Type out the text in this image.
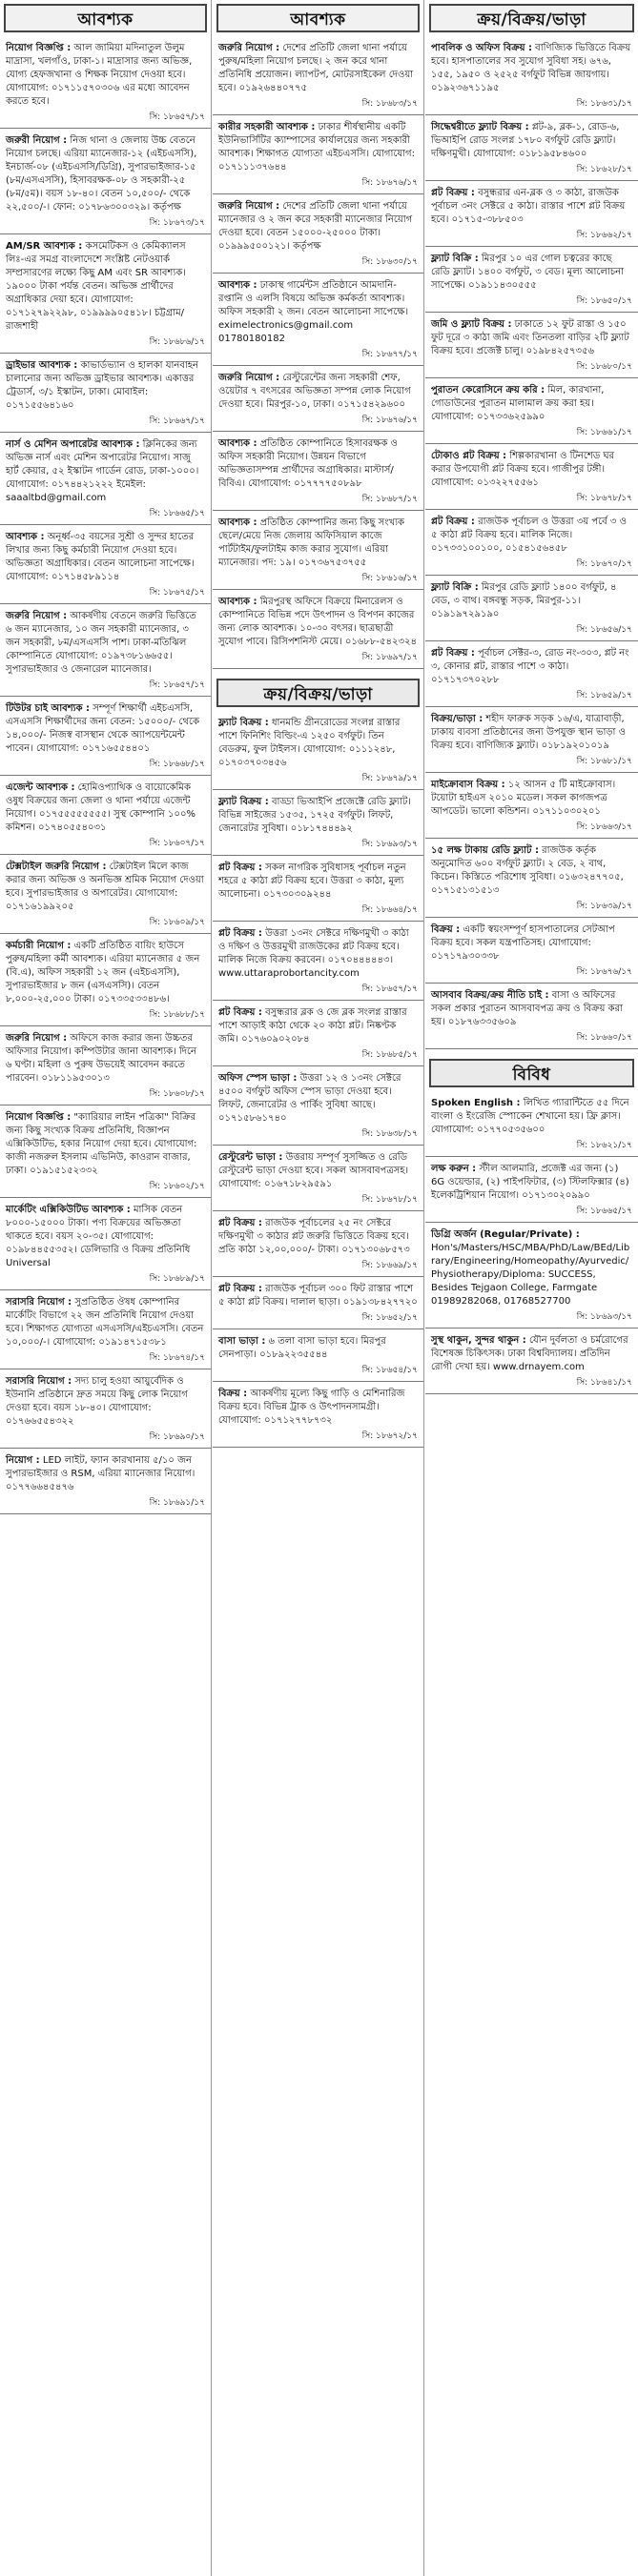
আবশ্যক
নিয়োগ বিজ্ঞপ্তি : আল জামিয়া মদিনাতুল উলুম মাদ্রাসা, খলগাঁও, ঢাকা-১। মাদ্রাসার জন্য অভিজ্ঞ, যোগ্য হেফজখানা ও শিক্ষক নিয়োগ দেওয়া হবে। যোগাযোগ: ০১৭১১৫৭০৩০৬ এর মধ্যে আবেদন করতে হবে।
সি: ১৮৬৫৭/১৭
জরুরী নিয়োগ : নিজ থানা ও জেলায় উচ্চ বেতনে নিয়োগ চলছে। এরিয়া ম্যানেজার-১২ (এইচএসসি), ইনচার্জ-০৮ (এইচএসসি/ডিগ্রি), সুপারভাইজার-১৫ (৮ম/এসএসসি), হিসাবরক্ষক-০৮ ও সহকারী-২৫ (৮ম/৫ম)। বয়স ১৮-৪০। বেতন ১০,৫০০/- থেকে ২২,৫০০/-। ফোন: ০১৭৮৬৩০০৩২৯। কর্তৃপক্ষ
সি: ১৮৬৭৩/১৭
AM/SR আবশ্যক : কসমেটিকস ও কেমিক্যালস লিঃ-এর সমগ্র বাংলাদেশে সংশ্লিষ্ট নেটওয়ার্ক সম্প্রসারণের লক্ষ্যে কিছু AM এবং SR আবশ্যক। ১৯০০০ টাকা পর্যন্ত বেতন। অভিজ্ঞ প্রার্থীদের অগ্রাধিকার দেয়া হবে। যোগাযোগ: ০১৭১২৭৯২২৯৮, ০১৯৯৯৯০৫৪১৮। চট্টগ্রাম/রাজশাহী
সি: ১৮৬৮৬/১৭
ড্রাইভার আবশ্যক : কাভার্ডভ্যান ও হালকা যানবাহন চালানোর জন্য অভিজ্ঞ ড্রাইভার আবশ্যক। একাত্তর ট্রেডার্স, ৩/১ ইস্কাটন, ঢাকা। মোবাইল: ০১৭১৫৫৬৪১৬০
সি: ১৮৬৬৭/১৭
নার্স ও মেশিন অপারেটর আবশ্যক : ক্লিনিকের জন্য অভিজ্ঞ নার্স এবং মেশিন অপারেটর নিয়োগ। সাজু হার্ট কেয়ার, ৫২ ইস্কাটন গার্ডেন রোড, ঢাকা-১০০০। যোগাযোগ: ০১৭৪৪২১২২২ ইমেইল: saaaltbd@gmail.com
সি: ১৮৬৬৫/১৭
আবশ্যক : অনূর্ধ্ব-৩৫ বয়সের সুশ্রী ও সুন্দর হাতের লিখার জন্য কিছু কর্মচারী নিয়োগ দেওয়া হবে। অভিজ্ঞতা অগ্রাধিকার। বেতন আলোচনা সাপেক্ষে। যোগাযোগ: ০১৭১৪৫৮৯১১৪
সি: ১৮৬৭৫/১৭
জরুরি নিয়োগ : আকর্ষণীয় বেতনে জরুরি ভিত্তিতে ৬ জন ম্যানেজার, ১০ জন সহকারী ম্যানেজার, ৩ জন সহকারী, ৮ম/এসএসসি পাশ। ঢাকা-মতিঝিল কোম্পানিতে যোগাযোগ: ০১৯৭৩৮১৬৬৫৫। সুপারভাইজার ও জেনারেল ম্যানেজার।
সি: ১৮৬৫৭/১৭
টিউটর চাই আবশ্যক : সম্পূর্ণ শিক্ষার্থী এইচএসসি, এসএসসি শিক্ষার্থীদের জন্য বেতন: ১৫০০০/- থেকে ১৪,০০০/- নিজস্ব বাসস্থান থেকে অ্যাপয়েন্টমেন্ট পাবেন। যোগাযোগ: ০১৭১৬৫৫৪৪০১
সি: ১৮৬৬৮/১৭
এজেন্ট আবশ্যক : হোমিওপ্যাথিক ও বায়োকেমিক ওষুধ বিক্রয়ের জন্য জেলা ও থানা পর্যায়ে এজেন্ট নিয়োগ। ০১৭৫৫৫৫৫৫৫৫। সুস্থ কোম্পানি ১০০% কমিশন। ০১৭৪০৫৫৪০৩১
সি: ১৮৬০৭/১৭
টেক্সটাইল জরুরি নিয়োগ : টেক্সটাইল মিলে কাজ করার জন্য অভিজ্ঞ ও অনভিজ্ঞ শ্রমিক নিয়োগ দেওয়া হবে। সুপারভাইজার ও অপারেটর। যোগাযোগ: ০১৭১৬১৯৯২০৫
সি: ১৮৬০৯/১৭
কর্মচারী নিয়োগ : একটি প্রতিষ্ঠিত বায়িং হাউসে পুরুষ/মহিলা কর্মী আবশ্যক। এরিয়া ম্যানেজার ৫ জন (বি.এ), অফিস সহকারী ১২ জন (এইচএসসি), সুপারভাইজার ৮ জন (এসএসসি)। বেতন ৮,০০০-২৫,০০০ টাকা। ০১৭৩৩৫৩৩৪৮৬।
সি: ১৮৬৮৮/১৭
জরুরি নিয়োগ : অফিসে কাজ করার জন্য উচ্চতর অফিসার নিয়োগ। কম্পিউটার জানা আবশ্যক। দিনে ৬ ঘণ্টা। মহিলা ও পুরুষ উভয়েই আবেদন করতে পারবেন। ০১৮১১৯৫৩০১৩
সি: ১৮৬০৮/১৭
নিয়োগ বিজ্ঞপ্তি : "ক্যারিয়ার লাইন পত্রিকা" বিক্রির জন্য কিছু সংখ্যক বিক্রয় প্রতিনিধি, বিজ্ঞাপন এক্সিকিউটিভ, হকার নিয়োগ দেয়া হবে। যোগাযোগ: কাজী নজরুল ইসলাম এভিনিউ, কাওরান বাজার, ঢাকা। ০১৯১৫১৫২৩৩২
সি: ১৮৬০২/১৭
মার্কেটিং এক্সিকিউটিভ আবশ্যক : মাসিক বেতন ৮০০০-১৫০০০ টাকা। পণ্য বিক্রয়ের অভিজ্ঞতা থাকতে হবে। বয়স ২০-৩৫। যোগাযোগ: ০১৯৮৪৪৫৫৩৫২। ডেলিভারি ও বিক্রয় প্রতিনিধি Universal
সি: ১৮৬৮৯/১৭
সরাসরি নিয়োগ : সুপ্রতিষ্ঠিত ঔষধ কোম্পানির মার্কেটিং বিভাগে ২২ জন প্রতিনিধি নিয়োগ দেওয়া হবে। শিক্ষাগত যোগ্যতা এসএসসি/এইচএসসি। বেতন ১০,০০০/-। যোগাযোগ: ০১৯১৪৭১৫৩৮১
সি: ১৮৬৭৪/১৭
সরাসরি নিয়োগ : সদ্য চালু হওয়া আয়ুর্বেদিক ও ইউনানি প্রতিষ্ঠানে দ্রুত সময়ে কিছু লোক নিয়োগ দেওয়া হবে। বয়স ১৮-৪০। যোগাযোগ: ০১৭৬৬৫৫৪৩২২
সি: ১৮৬৯০/১৭
নিয়োগ : LED লাইট, ফ্যান কারখানায় ৫/১০ জন সুপারভাইজার ও RSM, এরিয়া ম্যানেজার নিয়োগ। ০১৭৭৬৬৪৫৪৭৬
সি: ১৮৬৯১/১৭
আবশ্যক
জরুরি নিয়োগ : দেশের প্রতিটি জেলা থানা পর্যায়ে পুরুষ/মহিলা নিয়োগ চলছে। ২ জন করে থানা প্রতিনিধি প্রয়োজন। ল্যাপটপ, মোটরসাইকেল দেওয়া হবে। ০১৯২৬৪৪০৭৭৫
সি: ১৮৬৮৩/১৭
কারীর সহকারী আবশ্যক : ঢাকার শীর্ষস্থানীয় একটি ইউনিভার্সিটির ক্যাম্পাসের কার্যালয়ের জন্য সহকারী আবশ্যক। শিক্ষাগত যোগ্যতা এইচএসসি। যোগাযোগ: ০১৭১১১৩৭৬৪৪
সি: ১৮৬৭৬/১৭
জরুরি নিয়োগ : দেশের প্রতিটি জেলা থানা পর্যায়ে ম্যানেজার ও ২ জন করে সহকারী ম্যানেজার নিয়োগ দেওয়া হবে। বেতন ১৫০০০-২৫০০০ টাকা। ০১৯৯৯৫০০১২১। কর্তৃপক্ষ
সি: ১৮৬৩০/১৭
আবশ্যক : ঢাকাস্থ গার্মেন্টস প্রতিষ্ঠানে আমদানি-রপ্তানি ও এলসি বিষয়ে অভিজ্ঞ কর্মকর্তা আবশ্যক। অফিস সহকারী ২ জন। বেতন আলোচনা সাপেক্ষে। eximelectronics@gmail.com 01780180182
সি: ১৮৬৭৭/১৭
জরুরি নিয়োগ : রেস্টুরেন্টের জন্য সহকারী শেফ, ওয়েটার ৭ বৎসরের অভিজ্ঞতা সম্পন্ন লোক নিয়োগ দেওয়া হবে। মিরপুর-১০, ঢাকা। ০১৭১৫৪২৯৬০০
সি: ১৮৬৭৬/১৭
আবশ্যক : প্রতিষ্ঠিত কোম্পানিতে হিসাবরক্ষক ও অফিস সহকারী নিয়োগ। উন্নয়ন বিভাগে অভিজ্ঞতাসম্পন্ন প্রার্থীদের অগ্রাধিকার। মাস্টার্স/বিবিএ। যোগাযোগ: ০১৭৭৭৭৫০৮৯৮
সি: ১৮৬৮৭/১৭
আবশ্যক : প্রতিষ্ঠিত কোম্পানির জন্য কিছু সংখ্যক ছেলে/মেয়ে নিজ জেলায় অফিসিয়াল কাজে পার্টটাইম/ফুলটাইম কাজ করার সুযোগ। এরিয়া ম্যানেজার। পদ: ১৯। ০১৭৩৬৭৫৩৭৫৫
সি: ১৮৬১৬/১৭
আবশ্যক : মিরপুরস্থ অফিসে বিক্রয়ে মিনারেলস ও কোম্পানিতে বিভিন্ন পদে উৎপাদন ও বিপণন কাজের জন্য লোক আবশ্যক। ১০-৩০ বৎসর। ছাত্রছাত্রী সুযোগ পাবে। রিসিপশনিস্ট মেয়ে। ০১৬৮৮-৫৪২৩২৪
সি: ১৮৬৯৭/১৭
ক্রয়/বিক্রয়/ভাড়া
ফ্ল্যাট বিক্রয় : ধানমন্ডি গ্রীনরোডের সংলগ্ন রাস্তার পাশে ফিনিশিং বিল্ডিং-এ ১২৫০ বর্গফুট। তিন বেডরুম, ফুল টাইলস। যোগাযোগ: ০১১১২৪৮, ০১৭০৩৭০৩৪৫৬
সি: ১৮৬৭৯/১৭
ফ্ল্যাট বিক্রয় : বাড্ডা ভিআইপি প্রজেক্টে রেডি ফ্ল্যাট। বিভিন্ন সাইজের ১৫৩৫, ১৭২৫ বর্গফুট। লিফট, জেনারেটর সুবিধা। ০১৮১৭৪৪৪৯২
সি: ১৮৬৯৩/১৭
প্লট বিক্রয় : সকল নাগরিক সুবিধাসহ পূর্বাচল নতুন শহরে ৫ কাঠা প্লট বিক্রয় হবে। উত্তরা ৩ কাঠা, মূল্য আলোচনা। ০১৭৩০৩০৯২৪৪
সি: ১৮৬৬৪/১৭
প্লট বিক্রয় : উত্তরা ১৩নং সেক্টরে দক্ষিণমুখী ৩ কাঠা ও দক্ষিণ ও উত্তরমুখী রাজউকের প্লট বিক্রয় হবে। মালিক নিজে বিক্রয় করবেন। ০১৭০৪৪৪৪৪৩। www.uttaraprobortancity.com
সি: ১৮৬৫৭/১৭
প্লট বিক্রয় : বসুন্ধরার ব্লক ও জে ব্লক সংলগ্ন রাস্তার পাশে আড়াই কাঠা থেকে ২০ কাঠা প্লট। নিষ্কণ্টক জমি। ০১৭৬০৯০২০৮৪
সি: ১৮৬৮৫/১৭
অফিস স্পেস ভাড়া : উত্তরা ১২ ও ১৩নং সেক্টরে ৪৫০০ বর্গফুট অফিস স্পেস ভাড়া দেওয়া হবে। লিফট, জেনারেটর ও পার্কিং সুবিধা আছে। ০১৭১৫৮৬১৭৪০
সি: ১৮৬৩৮/১৭
রেস্টুরেন্ট ভাড়া : উত্তরায় সম্পূর্ণ সুসজ্জিত ও রেডি রেস্টুরেন্ট ভাড়া দেওয়া হবে। সকল আসবাবপত্রসহ। যোগাযোগ: ০১৬৭১৮২৯৫৯১
সি: ১৮৬৭৮/১৭
প্লট বিক্রয় : রাজউক পূর্বাচলের ২৫ নং সেক্টরে দক্ষিণমুখী ৩ কাঠার প্লট জরুরি ভিত্তিতে বিক্রয় হবে। প্রতি কাঠা ১২,০০,০০০/- টাকা। ০১৭১৩০৬৮৫৭৩
সি: ১৮৬৬৯/১৭
প্লট বিক্রয় : রাজউক পূর্বাচল ৩০০ ফিট রাস্তার পাশে ৫ কাঠা প্লট বিক্রয়। দালাল ছাড়া। ০১৯১৩৮৪২৭৭২০
সি: ১৮৬৫২/১৭
বাসা ভাড়া : ৬ তলা বাসা ভাড়া হবে। মিরপুর সেনপাড়া। ০১৮৯২২৩৫৫৪৪
সি: ১৮৬৫৪/১৭
বিক্রয় : আকর্ষণীয় মূল্যে কিছু গাড়ি ও মেশিনারিজ বিক্রয় হবে। বিভিন্ন ট্রাক ও উৎপাদনসামগ্রী। যোগাযোগ: ০১৭১২৭৭৮৭৩২
সি: ১৮৬৭২/১৭
ক্রয়/বিক্রয়/ভাড়া
পাবলিক ও অফিস বিক্রয় : বাণিজ্যিক ভিত্তিতে বিক্রয় হবে। হাসপাতালের সব সুযোগ সুবিধা সহ। ৬৭৬, ১৫৫, ১৯৫০ ও ২৫২৫ বর্গফুট বিভিন্ন জায়গায়। ০১৯২৩৬৭১১৯৫
সি: ১৮৬৩১/১৭
সিদ্ধেশ্বরীতে ফ্ল্যাট বিক্রয় : প্লট-৯, ব্লক-১, রোড-৬, ভিআইপি রোড সংলগ্ন ১৭৮০ বর্গফুট রেডি ফ্ল্যাট। দক্ষিণমুখী। যোগাযোগ: ০১৮১৯৫৮৪৬০০
সি: ১৮৬২৮/১৭
প্লট বিক্রয় : বসুন্ধরার এন-ব্লক ও ৩ কাঠা, রাজউক পূর্বাচল ৩নং সেক্টরে ৫ কাঠা। রাস্তার পাশে প্লট বিক্রয় হবে। ০১৭১৫-৩৮৮৫০৩
সি: ১৮৬৬২/১৭
ফ্ল্যাট বিক্রি : মিরপুর ১০ এর গোল চত্বরের কাছে রেডি ফ্ল্যাট। ১৪০০ বর্গফুট, ৩ বেড। মূল্য আলোচনা সাপেক্ষে। ০১৯১১৪৩০৫৫৫
সি: ১৮৬৫০/১৭
জমি ও ফ্ল্যাট বিক্রয় : ঢাকাতে ১২ ফুট রাস্তা ও ১৫০ ফুট দূরে ৩ কাঠা জমি এবং তিনতলা বাড়ির ২টি ফ্ল্যাট বিক্রয় হবে। প্রজেক্ট চালু। ০১৯৮৪২৫৭৩৫৬
সি: ১৮৬৮০/১৭
পুরাতন কেরোসিনে ক্রয় করি : মিল, কারখানা, গোডাউনের পুরাতন মালামাল ক্রয় করা হয়। যোগাযোগ: ০১৭৩৩৬২৫৯৯০
সি: ১৮৬৬১/১৭
টোকাও প্লট বিক্রয় : শিল্পকারখানা ও টিনশেড ঘর করার উপযোগী প্লট বিক্রয় হবে। গাজীপুর টঙ্গী। যোগাযোগ: ০১৩২২৭৫৫৬১
সি: ১৮৬৭৮/১৭
প্লট বিক্রয় : রাজউক পূর্বাচল ও উত্তরা ৩য় পর্বে ৩ ও ৫ কাঠা প্লট বিক্রয় হবে। মালিক নিজে। ০১৭৩৩১০০১০০, ০১৫৪১৫৬৪৫৮
সি: ১৮৬৭০/১৭
ফ্ল্যাট বিক্রি : মিরপুর রেডি ফ্ল্যাট ১৪০০ বর্গফুট, ৪ বেড, ৩ বাথ। বঙ্গবন্ধু সড়ক, মিরপুর-১১। ০১৯১৯৭২৯১৯০
সি: ১৮৬৫৬/১৭
প্লট বিক্রয় : পূর্বাচল সেক্টর-৩, রোড নং-৩০৩, প্লট নং ৩, কোনার প্লট, রাস্তার পাশে ৩ কাঠা। ০১৭১৭৩৭০২৮৮
সি: ১৮৬৫৯/১৭
বিক্রয়/ভাড়া : শহীদ ফারুক সড়ক ১৬/এ, যাত্রাবাড়ী, ঢাকায় ব্যবসা প্রতিষ্ঠানের জন্য উপযুক্ত স্থান ভাড়া ও বিক্রয় হবে। বাণিজ্যিক ফ্ল্যাট। ০১৮১৯২০১০১৯
সি: ১৮৬৮১/১৭
মাইক্রোবাস বিক্রয় : ১২ আসন ৫ টি মাইক্রোবাস। টয়োটা হাইএস ২০১০ মডেল। সকল কাগজপত্র আপডেট। ভালো কন্ডিশন। ০১৭১১০৩০২০১
সি: ১৮৬৬৩/১৭
১৫ লক্ষ টাকায় রেডি ফ্ল্যাট : রাজউক কর্তৃক অনুমোদিত ৬০০ বর্গফুট ফ্ল্যাট। ২ বেড, ২ বাথ, কিচেন। কিস্তিতে পরিশোধ সুবিধা। ০১৬৩২৪৭৭০৫, ০১৭১৫১৩১৫১৩
সি: ১৮৬৩৯/১৭
বিক্রয় : একটি স্বয়ংসম্পূর্ণ হাসপাতালের সেটআপ বিক্রয় হবে। সকল যন্ত্রপাতিসহ। যোগাযোগ: ০১৭১৭৯৩০৩৩৮
সি: ১৮৬৭৬/১৭
আসবাব বিক্রয়/ক্রয় নীতি চাই : বাসা ও অফিসের সকল প্রকার পুরাতন আসবাবপত্র ক্রয় ও বিক্রয় করা হয়। ০১৮৭৬৩৩৫৬০৯
সি: ১৮৬৬০/১৭
বিবিধ
Spoken English : লিখিত গ্যারান্টিতে ৫৫ দিনে বাংলা ও ইংরেজি স্পোকেন শেখানো হয়। ফ্রি ক্লাস। যোগাযোগ: ০১৭৭০৫৩৫৬০০
সি: ১৮৬২১/১৭
লক্ষ করুন : স্টীল আলমারি, প্রজেক্ট এর জন্য (১) 6G ওয়েল্ডার, (২) পাইপফিটার, (৩) স্টিলফিক্সার (৪) ইলেকট্রিশিয়ান নিয়োগ। ০১৭১৩০২০৯৯০
সি: ১৮৬৬৫/১৭
ডিগ্রি অর্জন (Regular/Private) : Hon's/Masters/HSC/MBA/PhD/Law/BEd/Library/Engineering/Homeopathy/Ayurvedic/Physiotherapy/Diploma: SUCCESS, Besides Tejgaon College, Farmgate 01989282068, 01768527700
সি: ১৮৬৯৩/১৭
সুস্থ থাকুন, সুন্দর থাকুন : যৌন দুর্বলতা ও চর্মরোগের বিশেষজ্ঞ চিকিৎসক। ঢাকা বিশ্ববিদ্যালয়। প্রতিদিন রোগী দেখা হয়। www.drnayem.com
সি: ১৮৬৪১/১৭
